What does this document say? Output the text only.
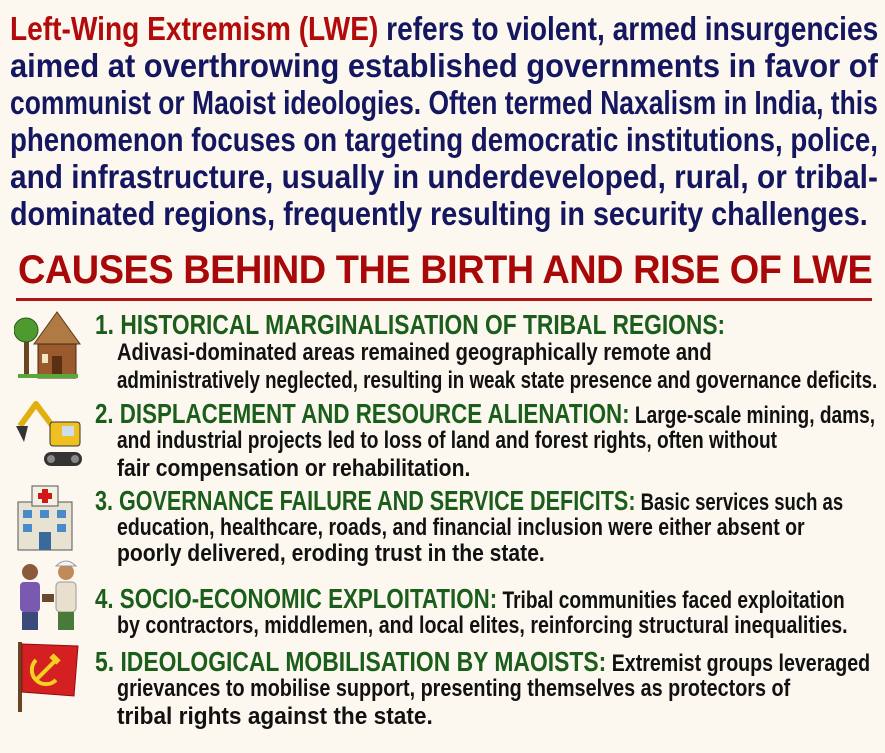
Left-Wing Extremism (LWE) refers to violent, armed insurgencies
aimed at overthrowing established governments in favor of
communist or Maoist ideologies. Often termed Naxalism in India, this
phenomenon focuses on targeting democratic institutions, police,
and infrastructure, usually in underdeveloped, rural, or tribal-
dominated regions, frequently resulting in security challenges.
CAUSES BEHIND THE BIRTH AND RISE OF LWE
1. HISTORICAL MARGINALISATION OF TRIBAL REGIONS:
Adivasi-dominated areas remained geographically remote and
administratively neglected, resulting in weak state presence and governance deficits.
2. DISPLACEMENT AND RESOURCE ALIENATION: Large-scale mining, dams,
and industrial projects led to loss of land and forest rights, often without
fair compensation or rehabilitation.
3. GOVERNANCE FAILURE AND SERVICE DEFICITS: Basic services such as
education, healthcare, roads, and financial inclusion were either absent or
poorly delivered, eroding trust in the state.
4. SOCIO-ECONOMIC EXPLOITATION: Tribal communities faced exploitation
by contractors, middlemen, and local elites, reinforcing structural inequalities.
5. IDEOLOGICAL MOBILISATION BY MAOISTS: Extremist groups leveraged
grievances to mobilise support, presenting themselves as protectors of
tribal rights against the state.
